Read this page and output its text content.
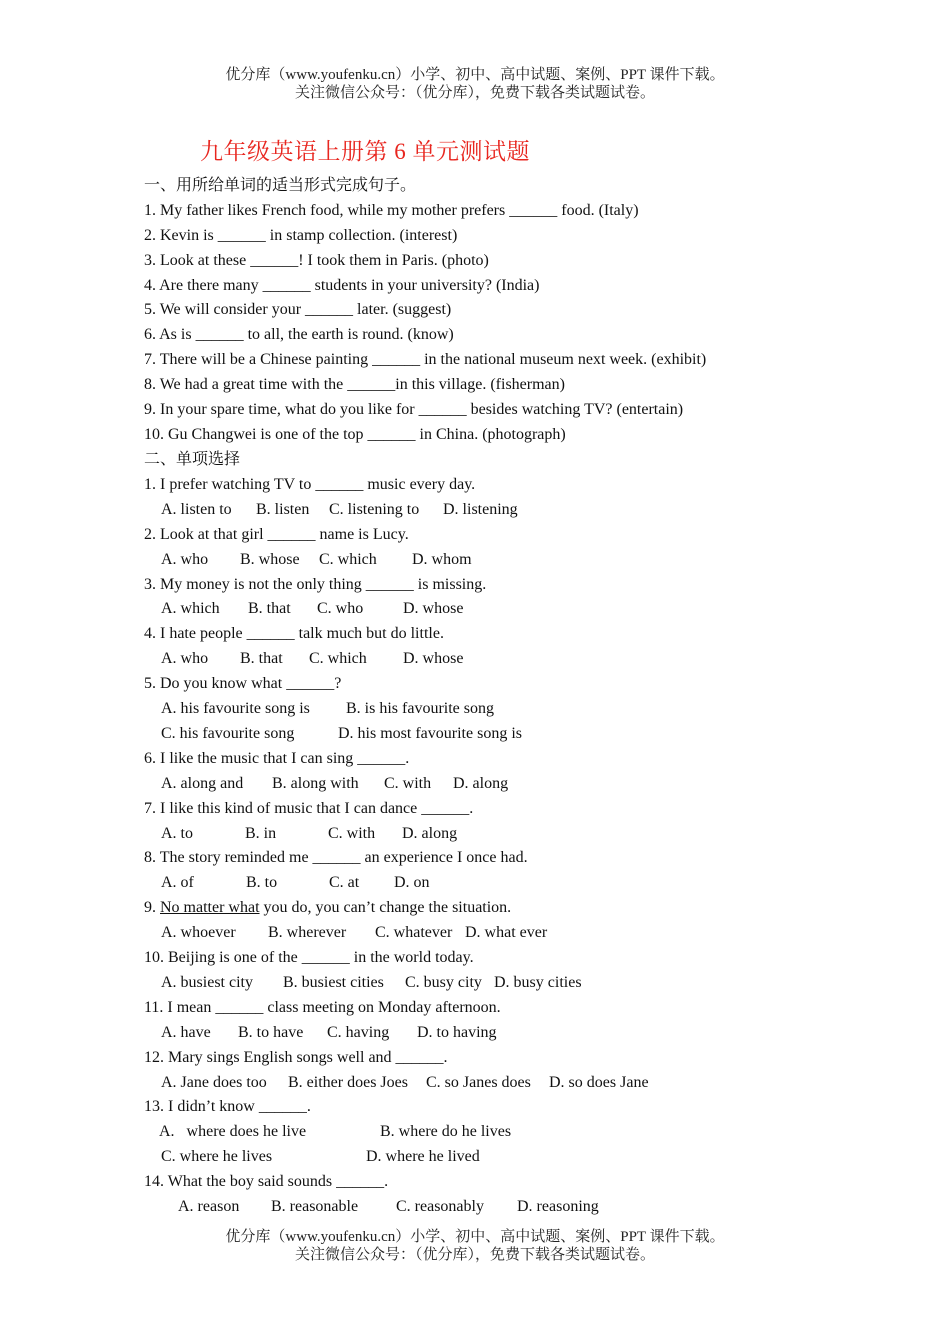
优分库（www.youfenku.cn）小学、初中、高中试题、案例、PPT 课件下载。
关注微信公众号：（优分库），免费下载各类试题试卷。
九年级英语上册第 6 单元测试题
一、用所给单词的适当形式完成句子。
1. My father likes French food, while my mother prefers ______ food. (Italy)
2. Kevin is ______ in stamp collection. (interest)
3. Look at these ______! I took them in Paris. (photo)
4. Are there many ______ students in your university? (India)
5. We will consider your ______ later. (suggest)
6. As is ______ to all, the earth is round. (know)
7. There will be a Chinese painting ______ in the national museum next week. (exhibit)
8. We had a great time with the ______in this village. (fisherman)
9. In your spare time, what do you like for ______ besides watching TV? (entertain)
10. Gu Changwei is one of the top ______ in China. (photograph)
二、单项选择
1. I prefer watching TV to ______ music every day.
A. listen to B. listen C. listening to D. listening
2. Look at that girl ______ name is Lucy.
A. who B. whose C. which D. whom
3. My money is not the only thing ______ is missing.
A. which B. that C. who D. whose
4. I hate people ______ talk much but do little.
A. who B. that C. which D. whose
5. Do you know what ______?
A. his favourite song is B. is his favourite song
C. his favourite song	D. his most favourite song is
6. I like the music that I can sing ______.
A. along and B. along with C. with D. along
7. I like this kind of music that I can dance ______.
A. to	B. in	C. with D. along
8. The story reminded me ______ an experience I once had.
A. of	B. to	C. at D. on
9. No matter what you do, you can’t change the situation.
A. whoever B. wherever C. whatever D. what ever
10. Beijing is one of the ______ in the world today.
A. busiest city B. busiest cities C. busy city D. busy cities
11. I mean ______ class meeting on Monday afternoon.
A. have B. to have C. having D. to having
12. Mary sings English songs well and ______.
A. Jane does too B. either does Joes C. so Janes does D. so does Jane
13. I didn’t know ______.
A.   where does he live	B. where do he lives
C. where he lives	D. where he lived
14. What the boy said sounds ______.
A. reason B. reasonable C. reasonably D. reasoning
优分库（www.youfenku.cn）小学、初中、高中试题、案例、PPT 课件下载。
关注微信公众号：（优分库），免费下载各类试题试卷。
